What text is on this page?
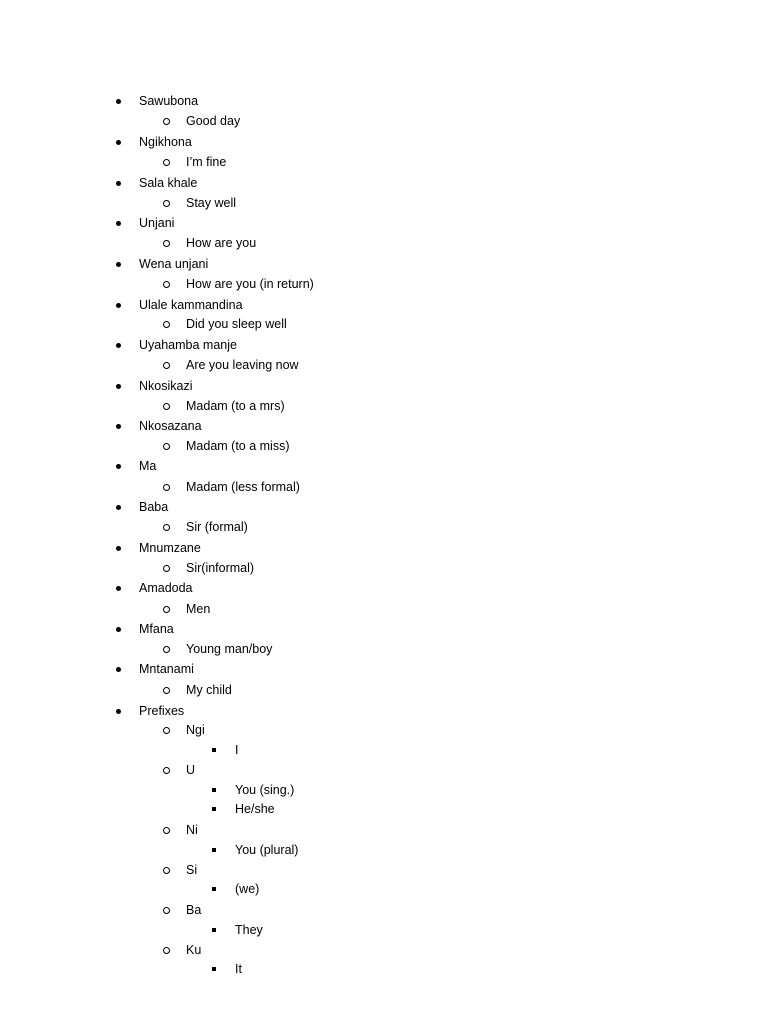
Sawubona
Good day
Ngikhona
I’m fine
Sala khale
Stay well
Unjani
How are you
Wena unjani
How are you (in return)
Ulale kammandina
Did you sleep well
Uyahamba manje
Are you leaving now
Nkosikazi
Madam (to a mrs)
Nkosazana
Madam (to a miss)
Ma
Madam (less formal)
Baba
Sir (formal)
Mnumzane
Sir(informal)
Amadoda
Men
Mfana
Young man/boy
Mntanami
My child
Prefixes
Ngi
I
U
You (sing.)
He/she
Ni
You (plural)
Si
(we)
Ba
They
Ku
It
